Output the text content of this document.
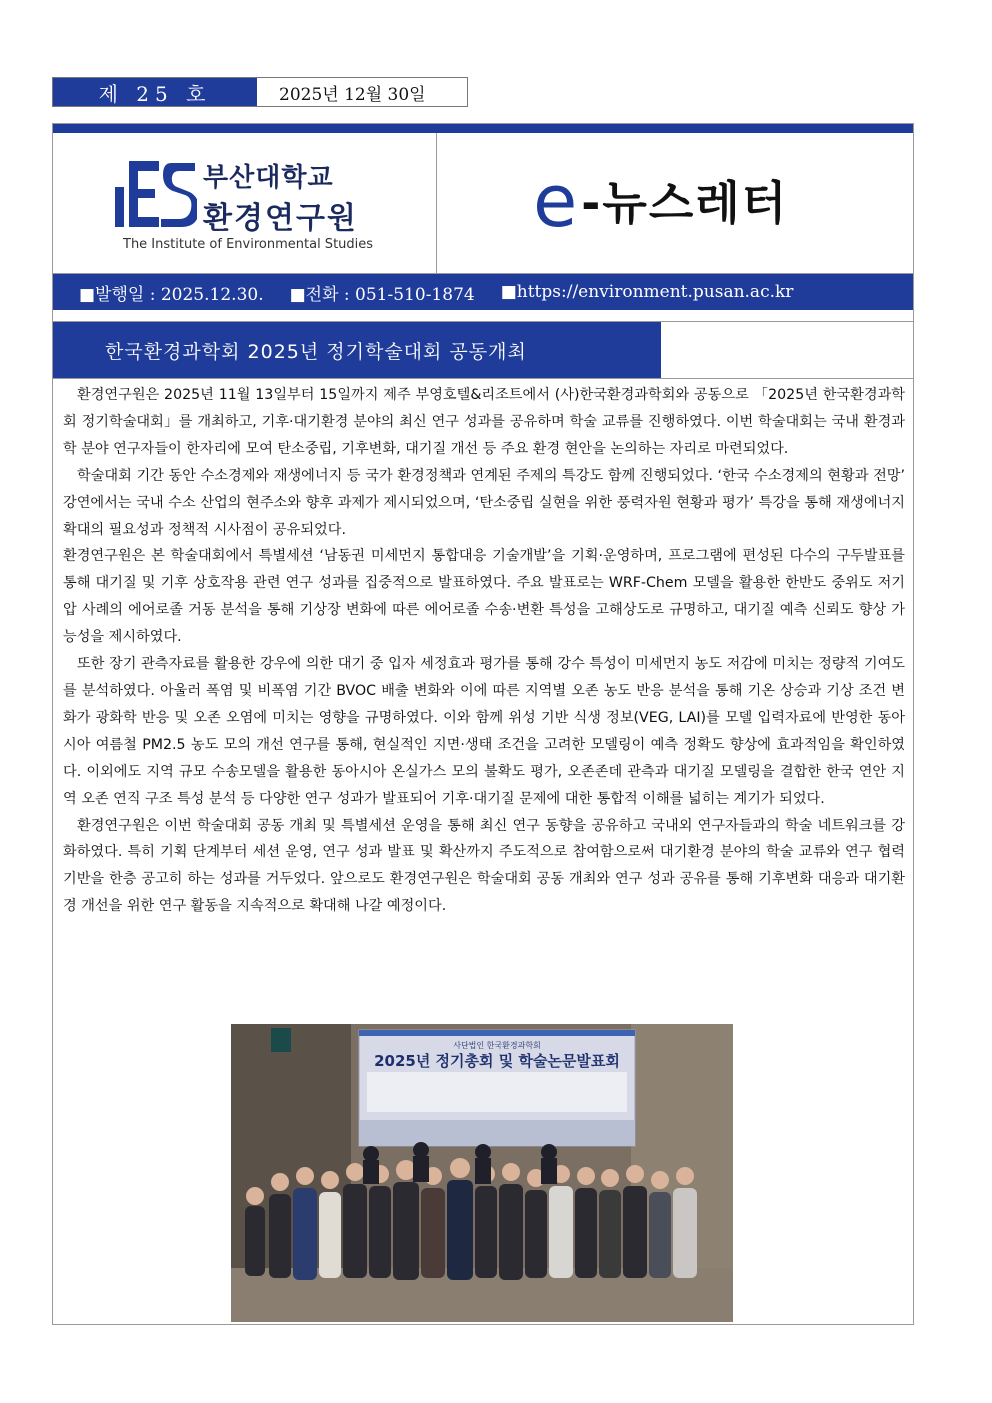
제 25 호	2025년 12월 30일
부산대학교
환경연구원
The Institute of Environmental Studies
e -뉴스레터
■발행일 : 2025.12.30. ■전화 : 051-510-1874 ■https://environment.pusan.ac.kr
한국환경과학회 2025년 정기학술대회 공동개최

환경연구원은 2025년 11월 13일부터 15일까지 제주 부영호텔&리조트에서 (사)한국환경과학회와 공동으로 「2025년 한국환경과학회 정기학술대회」를 개최하고, 기후·대기환경 분야의 최신 연구 성과를 공유하며 학술 교류를 진행하였다. 이번 학술대회는 국내 환경과학 분야 연구자들이 한자리에 모여 탄소중립, 기후변화, 대기질 개선 등 주요 환경 현안을 논의하는 자리로 마련되었다.

학술대회 기간 동안 수소경제와 재생에너지 등 국가 환경정책과 연계된 주제의 특강도 함께 진행되었다. ‘한국 수소경제의 현황과 전망’ 강연에서는 국내 수소 산업의 현주소와 향후 과제가 제시되었으며, ‘탄소중립 실현을 위한 풍력자원 현황과 평가’ 특강을 통해 재생에너지 확대의 필요성과 정책적 시사점이 공유되었다.

환경연구원은 본 학술대회에서 특별세션 ‘남동권 미세먼지 통합대응 기술개발’을 기획·운영하며, 프로그램에 편성된 다수의 구두발표를 통해 대기질 및 기후 상호작용 관련 연구 성과를 집중적으로 발표하였다. 주요 발표로는 WRF-Chem 모델을 활용한 한반도 중위도 저기압 사례의 에어로졸 거동 분석을 통해 기상장 변화에 따른 에어로졸 수송·변환 특성을 고해상도로 규명하고, 대기질 예측 신뢰도 향상 가능성을 제시하였다.

또한 장기 관측자료를 활용한 강우에 의한 대기 중 입자 세정효과 평가를 통해 강수 특성이 미세먼지 농도 저감에 미치는 정량적 기여도를 분석하였다. 아울러 폭염 및 비폭염 기간 BVOC 배출 변화와 이에 따른 지역별 오존 농도 반응 분석을 통해 기온 상승과 기상 조건 변화가 광화학 반응 및 오존 오염에 미치는 영향을 규명하였다. 이와 함께 위성 기반 식생 정보(VEG, LAI)를 모델 입력자료에 반영한 동아시아 여름철 PM2.5 농도 모의 개선 연구를 통해, 현실적인 지면·생태 조건을 고려한 모델링이 예측 정확도 향상에 효과적임을 확인하였다. 이외에도 지역 규모 수송모델을 활용한 동아시아 온실가스 모의 불확도 평가, 오존존데 관측과 대기질 모델링을 결합한 한국 연안 지역 오존 연직 구조 특성 분석 등 다양한 연구 성과가 발표되어 기후·대기질 문제에 대한 통합적 이해를 넓히는 계기가 되었다.

환경연구원은 이번 학술대회 공동 개최 및 특별세션 운영을 통해 최신 연구 동향을 공유하고 국내외 연구자들과의 학술 네트워크를 강화하였다. 특히 기획 단계부터 세션 운영, 연구 성과 발표 및 확산까지 주도적으로 참여함으로써 대기환경 분야의 학술 교류와 연구 협력 기반을 한층 공고히 하는 성과를 거두었다. 앞으로도 환경연구원은 학술대회 공동 개최와 연구 성과 공유를 통해 기후변화 대응과 대기환경 개선을 위한 연구 활동을 지속적으로 확대해 나갈 예정이다.

사단법인 한국환경과학회
2025년 정기총회 및 학술논문발표회
